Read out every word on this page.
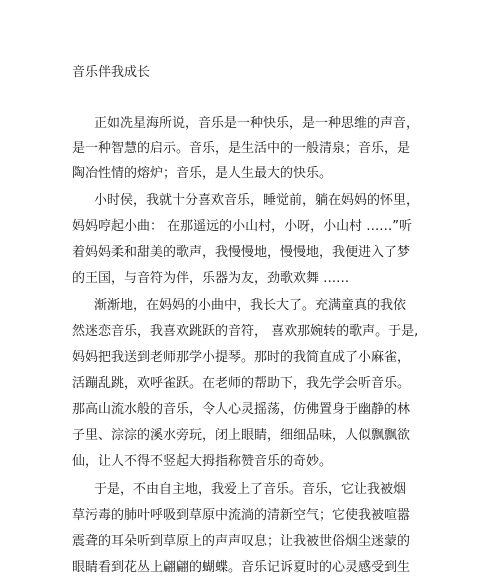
音乐伴我成长
正如冼星海所说，音乐是一种快乐，是一种思维的声音，
是一种智慧的启示。音乐，是生活中的一般清泉；音乐，是
陶冶性情的熔炉；音乐，是人生最大的快乐。
小时侯，我就十分喜欢音乐，睡觉前，躺在妈妈的怀里，
妈妈哼起小曲： 在那遥远的小山村，小呀，小山村 ……”听
着妈妈柔和甜美的歌声，我慢慢地，慢慢地，我便进入了梦
的王国，与音符为伴，乐器为友，劲歌欢舞 ……
渐渐地，在妈妈的小曲中，我长大了。充满童真的我依
然迷恋音乐，我喜欢跳跃的音符， 喜欢那婉转的歌声。于是,
妈妈把我送到老师那学小提琴。那时的我简直成了小麻雀，
活蹦乱跳，欢呼雀跃。在老师的帮助下，我先学会听音乐。
那高山流水般的音乐，令人心灵摇荡，仿佛置身于幽静的林
子里、淙淙的溪水旁玩，闭上眼睛，细细品味，人似飘飘欲
仙，让人不得不竖起大拇指称赞音乐的奇妙。
于是，不由自主地，我爱上了音乐。音乐，它让我被烟
草污毒的肺叶呼吸到草原中流淌的清新空气；它使我被喧嚣
震聋的耳朵听到草原上的声声叹息；让我被世俗烟尘迷蒙的
眼睛看到花丛上翩翩的蝴蝶。音乐记诉夏时的心灵感受到生
